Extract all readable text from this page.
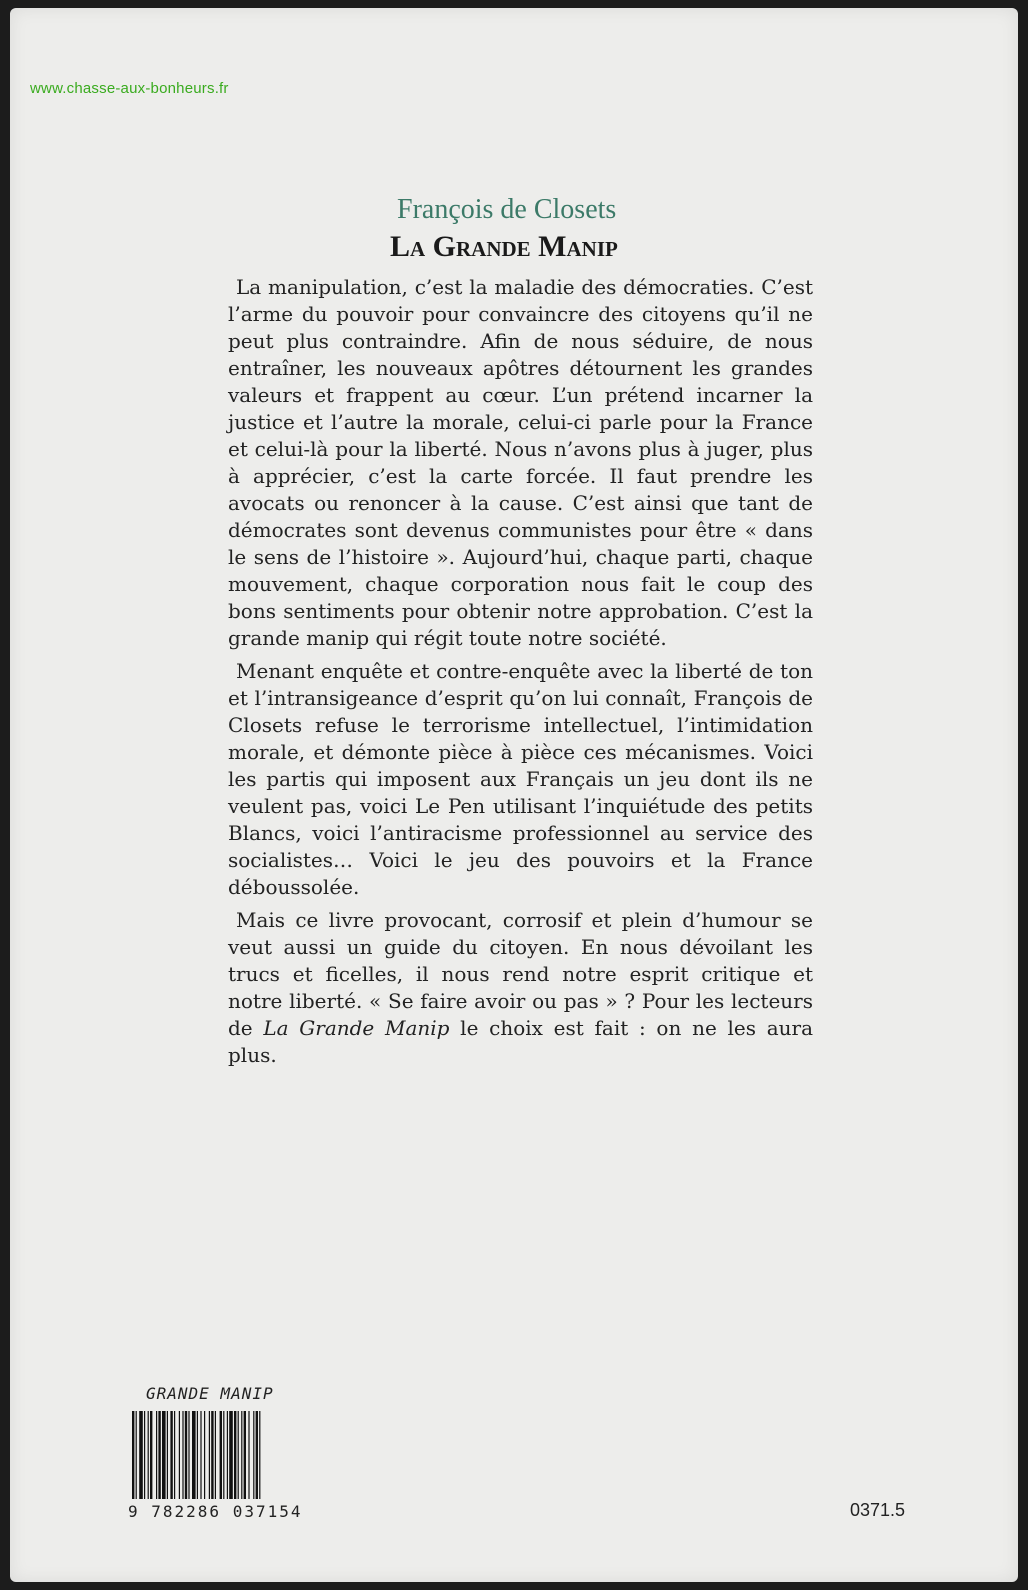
www.chasse-aux-bonheurs.fr
François de Closets
La Grande Manip

La manipulation, c’est la maladie des démocraties. C’est l’arme du pouvoir pour convaincre des citoyens qu’il ne peut plus contraindre. Afin de nous séduire, de nous entraîner, les nouveaux apôtres détournent les grandes valeurs et frappent au cœur. L’un prétend incarner la justice et l’autre la morale, celui-ci parle pour la France et celui-là pour la liberté. Nous n’avons plus à juger, plus à apprécier, c’est la carte forcée. Il faut prendre les avocats ou renoncer à la cause. C’est ainsi que tant de démocrates sont devenus communistes pour être « dans le sens de l’histoire ». Aujourd’hui, chaque parti, chaque mouvement, chaque corporation nous fait le coup des bons sentiments pour obtenir notre approbation. C’est la grande manip qui régit toute notre société.

Menant enquête et contre-enquête avec la liberté de ton et l’intransigeance d’esprit qu’on lui connaît, François de Closets refuse le terrorisme intellectuel, l’intimidation morale, et démonte pièce à pièce ces mécanismes. Voici les partis qui imposent aux Français un jeu dont ils ne veulent pas, voici Le Pen utilisant l’inquiétude des petits Blancs, voici l’antiracisme professionnel au service des socialistes… Voici le jeu des pouvoirs et la France déboussolée.

Mais ce livre provocant, corrosif et plein d’humour se veut aussi un guide du citoyen. En nous dévoilant les trucs et ficelles, il nous rend notre esprit critique et notre liberté. « Se faire avoir ou pas » ? Pour les lecteurs de La Grande Manip le choix est fait : on ne les aura plus.

GRANDE MANIP
9 782286 037154	0371.5
